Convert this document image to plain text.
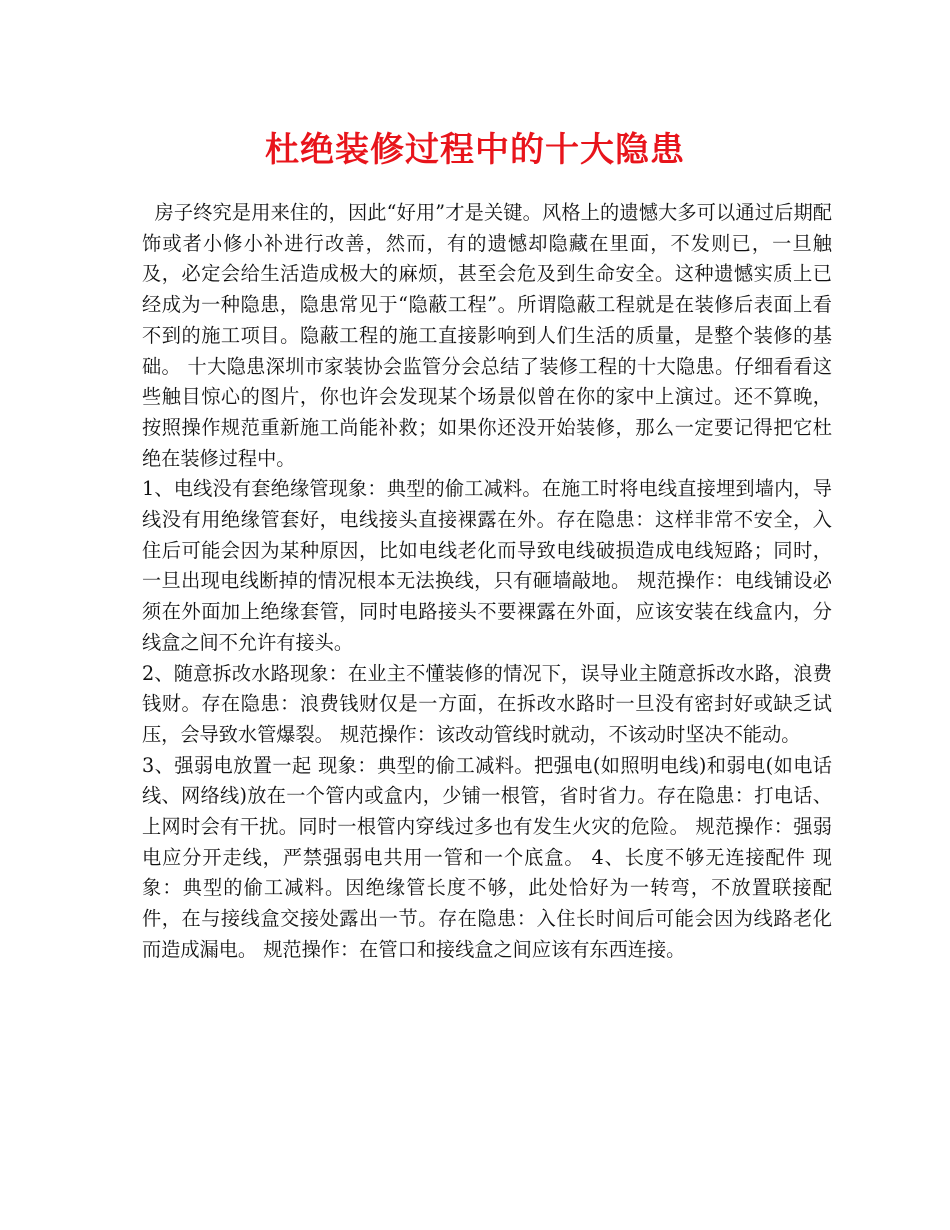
杜绝装修过程中的十大隐患

房子终究是用来住的，因此“好用”才是关键。风格上的遗憾大多可以通过后期配饰或者小修小补进行改善，然而，有的遗憾却隐藏在里面，不发则已，一旦触及，必定会给生活造成极大的麻烦，甚至会危及到生命安全。这种遗憾实质上已经成为一种隐患，隐患常见于“隐蔽工程”。所谓隐蔽工程就是在装修后表面上看不到的施工项目。隐蔽工程的施工直接影响到人们生活的质量，是整个装修的基础。 十大隐患深圳市家装协会监管分会总结了装修工程的十大隐患。仔细看看这些触目惊心的图片，你也许会发现某个场景似曾在你的家中上演过。还不算晚，按照操作规范重新施工尚能补救；如果你还没开始装修，那么一定要记得把它杜绝在装修过程中。

1、电线没有套绝缘管现象：典型的偷工减料。在施工时将电线直接埋到墙内，导线没有用绝缘管套好，电线接头直接裸露在外。存在隐患：这样非常不安全，入住后可能会因为某种原因，比如电线老化而导致电线破损造成电线短路；同时，一旦出现电线断掉的情况根本无法换线，只有砸墙敲地。 规范操作：电线铺设必须在外面加上绝缘套管，同时电路接头不要裸露在外面，应该安装在线盒内，分线盒之间不允许有接头。

2、随意拆改水路现象：在业主不懂装修的情况下，误导业主随意拆改水路，浪费钱财。存在隐患：浪费钱财仅是一方面，在拆改水路时一旦没有密封好或缺乏试压，会导致水管爆裂。 规范操作：该改动管线时就动，不该动时坚决不能动。

3、强弱电放置一起 现象：典型的偷工减料。把强电(如照明电线)和弱电(如电话线、网络线)放在一个管内或盒内，少铺一根管，省时省力。存在隐患：打电话、上网时会有干扰。同时一根管内穿线过多也有发生火灾的危险。 规范操作：强弱电应分开走线，严禁强弱电共用一管和一个底盒。 4、长度不够无连接配件 现象：典型的偷工减料。因绝缘管长度不够，此处恰好为一转弯，不放置联接配件，在与接线盒交接处露出一节。存在隐患：入住长时间后可能会因为线路老化而造成漏电。 规范操作：在管口和接线盒之间应该有东西连接。
